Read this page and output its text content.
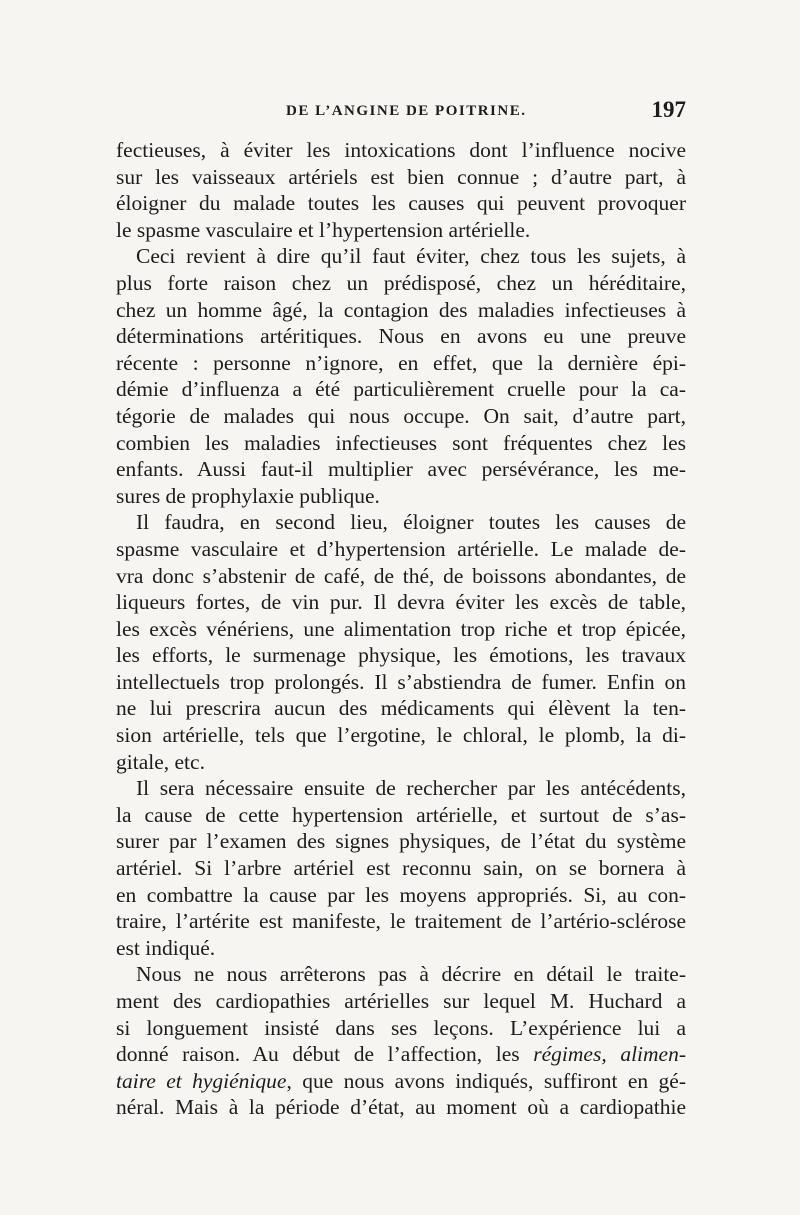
DE L’ANGINE DE POITRINE.	197
fectieuses, à éviter les intoxications dont l’influence nocive
sur les vaisseaux artériels est bien connue ; d’autre part, à
éloigner du malade toutes les causes qui peuvent provoquer
le spasme vasculaire et l’hypertension artérielle.
Ceci revient à dire qu’il faut éviter, chez tous les sujets, à
plus forte raison chez un prédisposé, chez un héréditaire,
chez un homme âgé, la contagion des maladies infectieuses à
déterminations artéritiques. Nous en avons eu une preuve
récente : personne n’ignore, en effet, que la dernière épi-
démie d’influenza a été particulièrement cruelle pour la ca-
tégorie de malades qui nous occupe. On sait, d’autre part,
combien les maladies infectieuses sont fréquentes chez les
enfants. Aussi faut-il multiplier avec persévérance, les me-
sures de prophylaxie publique.
Il faudra, en second lieu, éloigner toutes les causes de
spasme vasculaire et d’hypertension artérielle. Le malade de-
vra donc s’abstenir de café, de thé, de boissons abondantes, de
liqueurs fortes, de vin pur. Il devra éviter les excès de table,
les excès vénériens, une alimentation trop riche et trop épicée,
les efforts, le surmenage physique, les émotions, les travaux
intellectuels trop prolongés. Il s’abstiendra de fumer. Enfin on
ne lui prescrira aucun des médicaments qui élèvent la ten-
sion artérielle, tels que l’ergotine, le chloral, le plomb, la di-
gitale, etc.
Il sera nécessaire ensuite de rechercher par les antécédents,
la cause de cette hypertension artérielle, et surtout de s’as-
surer par l’examen des signes physiques, de l’état du système
artériel. Si l’arbre artériel est reconnu sain, on se bornera à
en combattre la cause par les moyens appropriés. Si, au con-
traire, l’artérite est manifeste, le traitement de l’artério-sclérose
est indiqué.
Nous ne nous arrêterons pas à décrire en détail le traite-
ment des cardiopathies artérielles sur lequel M. Huchard a
si longuement insisté dans ses leçons. L’expérience lui a
donné raison. Au début de l’affection, les régimes, alimen-
taire et hygiénique, que nous avons indiqués, suffiront en gé-
néral. Mais à la période d’état, au moment où a cardiopathie
